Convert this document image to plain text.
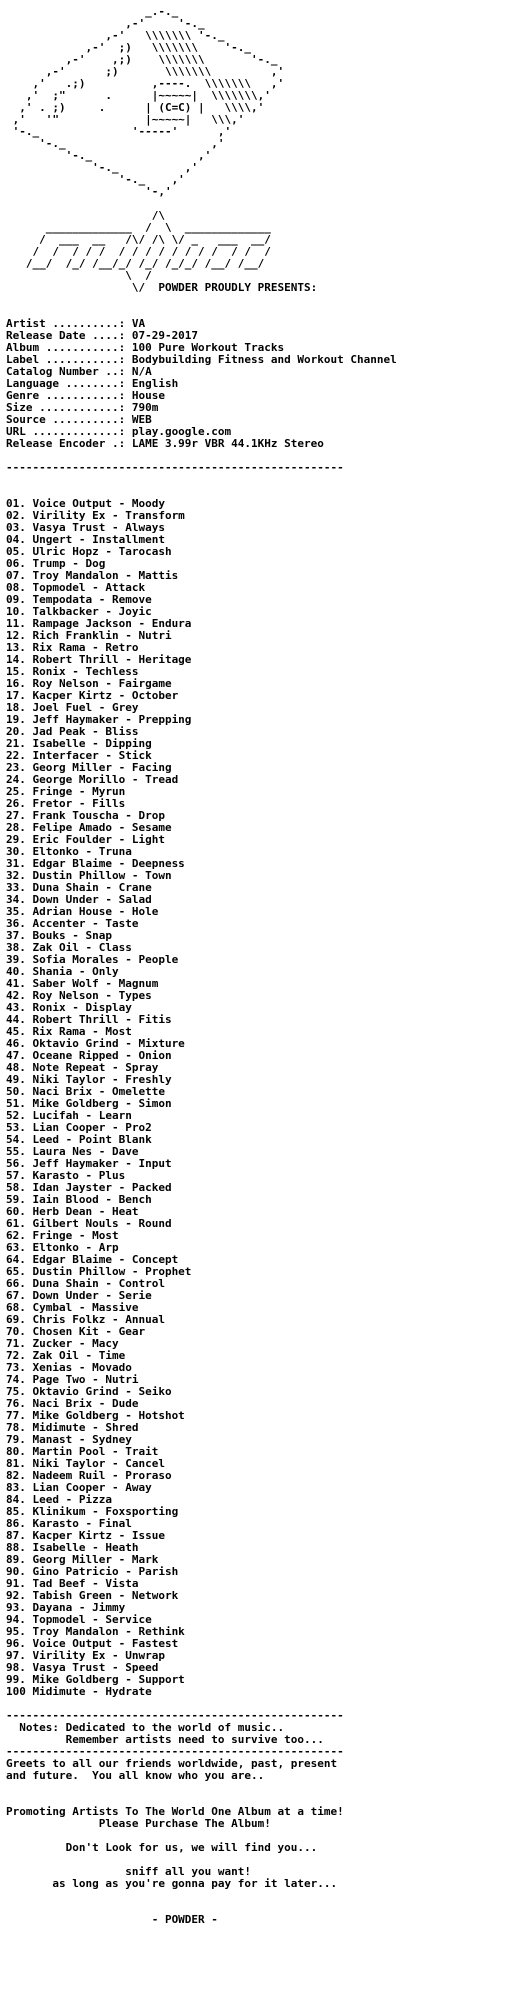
_.-._
,-'     '-._
,-'   \\\\\\\ '-._
,-'  ;)   \\\\\\\    '-._
,-'    ,;)    \\\\\\\       '-._
,-'      ;)       \\\\\\\         ,'
,'   .;)          ,----.  \\\\\\\   ,'
,'  ;"      .      |~~~~~|  \\\\\\\,'
,' . ;)     .      | (C=C) |   \\\\,'
,'   '"             |~~~~~|   \\\,'
'-._              '-----'      ,'
'-._                      ,'
'-._                ,'
'-._          ,'
'-._    ,'
'-,'
/\
_____________  /  \  _____________
/  ___  __   /\/ /\ \/ _   ___  __/
/  /  / / /  / / / / / / / /  / /  /
/__/  /_/ /__/_/ /_/ /_/_/ /__/ /__/
\  /
\/  POWDER PROUDLY PRESENTS:
Artist ..........: VA
Release Date ....: 07-29-2017
Album ...........: 100 Pure Workout Tracks
Label ...........: Bodybuilding Fitness and Workout Channel
Catalog Number ..: N/A
Language ........: English
Genre ...........: House
Size ............: 790m
Source ..........: WEB
URL .............: play.google.com
Release Encoder .: LAME 3.99r VBR 44.1KHz Stereo
---------------------------------------------------
01. Voice Output - Moody
02. Virility Ex - Transform
03. Vasya Trust - Always
04. Ungert - Installment
05. Ulric Hopz - Tarocash
06. Trump - Dog
07. Troy Mandalon - Mattis
08. Topmodel - Attack
09. Tempodata - Remove
10. Talkbacker - Joyic
11. Rampage Jackson - Endura
12. Rich Franklin - Nutri
13. Rix Rama - Retro
14. Robert Thrill - Heritage
15. Ronix - Techless
16. Roy Nelson - Fairgame
17. Kacper Kirtz - October
18. Joel Fuel - Grey
19. Jeff Haymaker - Prepping
20. Jad Peak - Bliss
21. Isabelle - Dipping
22. Interfacer - Stick
23. Georg Miller - Facing
24. George Morillo - Tread
25. Fringe - Myrun
26. Fretor - Fills
27. Frank Touscha - Drop
28. Felipe Amado - Sesame
29. Eric Foulder - Light
30. Eltonko - Truna
31. Edgar Blaime - Deepness
32. Dustin Phillow - Town
33. Duna Shain - Crane
34. Down Under - Salad
35. Adrian House - Hole
36. Accenter - Taste
37. Bouks - Snap
38. Zak Oil - Class
39. Sofia Morales - People
40. Shania - Only
41. Saber Wolf - Magnum
42. Roy Nelson - Types
43. Ronix - Display
44. Robert Thrill - Fitis
45. Rix Rama - Most
46. Oktavio Grind - Mixture
47. Oceane Ripped - Onion
48. Note Repeat - Spray
49. Niki Taylor - Freshly
50. Naci Brix - Omelette
51. Mike Goldberg - Simon
52. Lucifah - Learn
53. Lian Cooper - Pro2
54. Leed - Point Blank
55. Laura Nes - Dave
56. Jeff Haymaker - Input
57. Karasto - Plus
58. Idan Jayster - Packed
59. Iain Blood - Bench
60. Herb Dean - Heat
61. Gilbert Nouls - Round
62. Fringe - Most
63. Eltonko - Arp
64. Edgar Blaime - Concept
65. Dustin Phillow - Prophet
66. Duna Shain - Control
67. Down Under - Serie
68. Cymbal - Massive
69. Chris Folkz - Annual
70. Chosen Kit - Gear
71. Zucker - Macy
72. Zak Oil - Time
73. Xenias - Movado
74. Page Two - Nutri
75. Oktavio Grind - Seiko
76. Naci Brix - Dude
77. Mike Goldberg - Hotshot
78. Midimute - Shred
79. Manast - Sydney
80. Martin Pool - Trait
81. Niki Taylor - Cancel
82. Nadeem Ruil - Proraso
83. Lian Cooper - Away
84. Leed - Pizza
85. Klinikum - Foxsporting
86. Karasto - Final
87. Kacper Kirtz - Issue
88. Isabelle - Heath
89. Georg Miller - Mark
90. Gino Patricio - Parish
91. Tad Beef - Vista
92. Tabish Green - Network
93. Dayana - Jimmy
94. Topmodel - Service
95. Troy Mandalon - Rethink
96. Voice Output - Fastest
97. Virility Ex - Unwrap
98. Vasya Trust - Speed
99. Mike Goldberg - Support
100 Midimute - Hydrate
---------------------------------------------------
Notes: Dedicated to the world of music..
Remember artists need to survive too...
---------------------------------------------------
Greets to all our friends worldwide, past, present
and future.  You all know who you are..
Promoting Artists To The World One Album at a time!
Please Purchase The Album!
Don't Look for us, we will find you...
sniff all you want!
as long as you're gonna pay for it later...
- POWDER -
